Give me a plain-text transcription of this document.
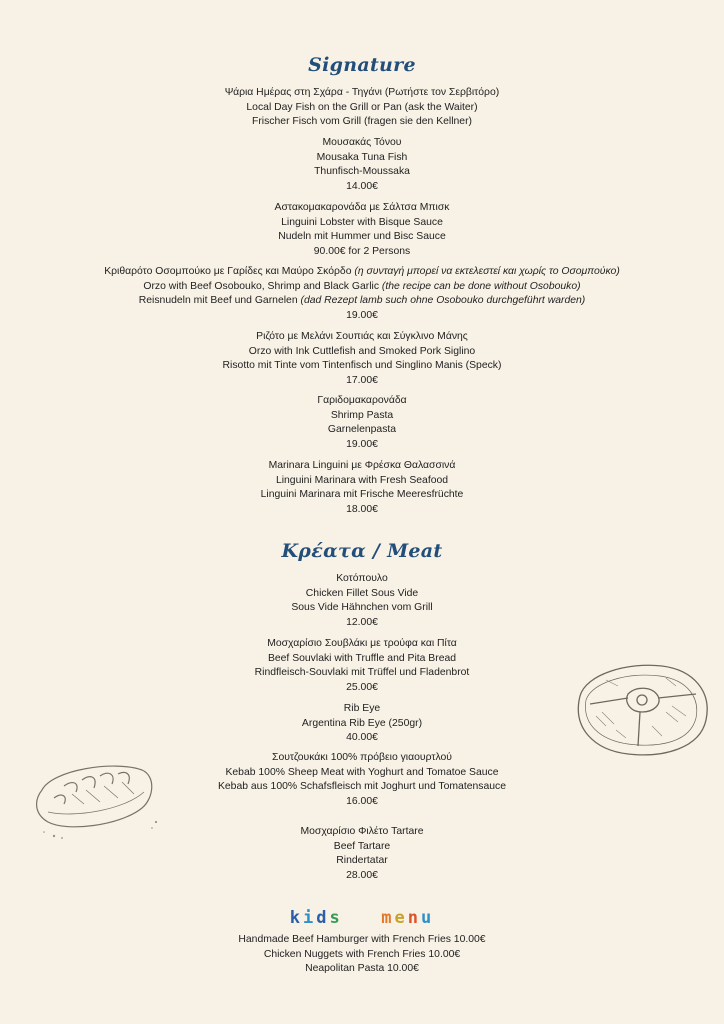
Signature
Ψάρια Ημέρας στη Σχάρα - Τηγάνι (Ρωτήστε τον Σερβιτόρο)
Local Day Fish on the Grill or Pan (ask the Waiter)
Frischer Fisch vom Grill (fragen sie den Kellner)
Μουσακάς Τόνου
Mousaka Tuna Fish
Thunfisch-Moussaka
14.00€
Αστακομακαρονάδα με Σάλτσα Μπισκ
Linguini Lobster with Bisque Sauce
Nudeln mit Hummer und Bisc Sauce
90.00€ for 2 Persons
Κριθαρότο Οσομπούκο με Γαρίδες και Μαύρο Σκόρδο (η συνταγή μπορεί να εκτελεστεί και χωρίς το Οσομπούκο)
Orzo with Beef Osobouko, Shrimp and Black Garlic (the recipe can be done without Osobouko)
Reisnudeln mit Beef und Garnelen (dad Rezept lamb such ohne Osobouko durchgeführt warden)
19.00€
Ριζότο με Μελάνι Σουπιάς και Σύγκλινο Μάνης
Orzo with Ink Cuttlefish and Smoked Pork Siglino
Risotto mit Tinte vom Tintenfisch und Singlino Manis (Speck)
17.00€
Γαριδομακαρονάδα
Shrimp Pasta
Garnelenpasta
19.00€
Marinara Linguini με Φρέσκα Θαλασσινά
Linguini Marinara with Fresh Seafood
Linguini Marinara mit Frische Meeresfrüchte
18.00€
Κρέατα / Meat
Κοτόπουλο
Chicken Fillet Sous Vide
Sous Vide Hähnchen vom Grill
12.00€
Μοσχαρίσιο Σουβλάκι με τρούφα και Πίτα
Beef Souvlaki with Truffle and Pita Bread
Rindfleisch-Souvlaki mit Trüffel und Fladenbrot
25.00€
Rib Eye
Argentina Rib Eye (250gr)
40.00€
Σουτζουκάκι 100% πρόβειο γιαουρτλού
Kebab 100% Sheep Meat with Yoghurt and Tomatoe Sauce
Kebab aus 100% Schafsfleisch mit Joghurt und Tomatensauce
16.00€
Μοσχαρίσιο Φιλέτο Tartare
Beef Tartare
Rindertatar
28.00€
kids menu
Handmade Beef Hamburger with French Fries 10.00€
Chicken Nuggets with French Fries 10.00€
Neapolitan Pasta 10.00€
